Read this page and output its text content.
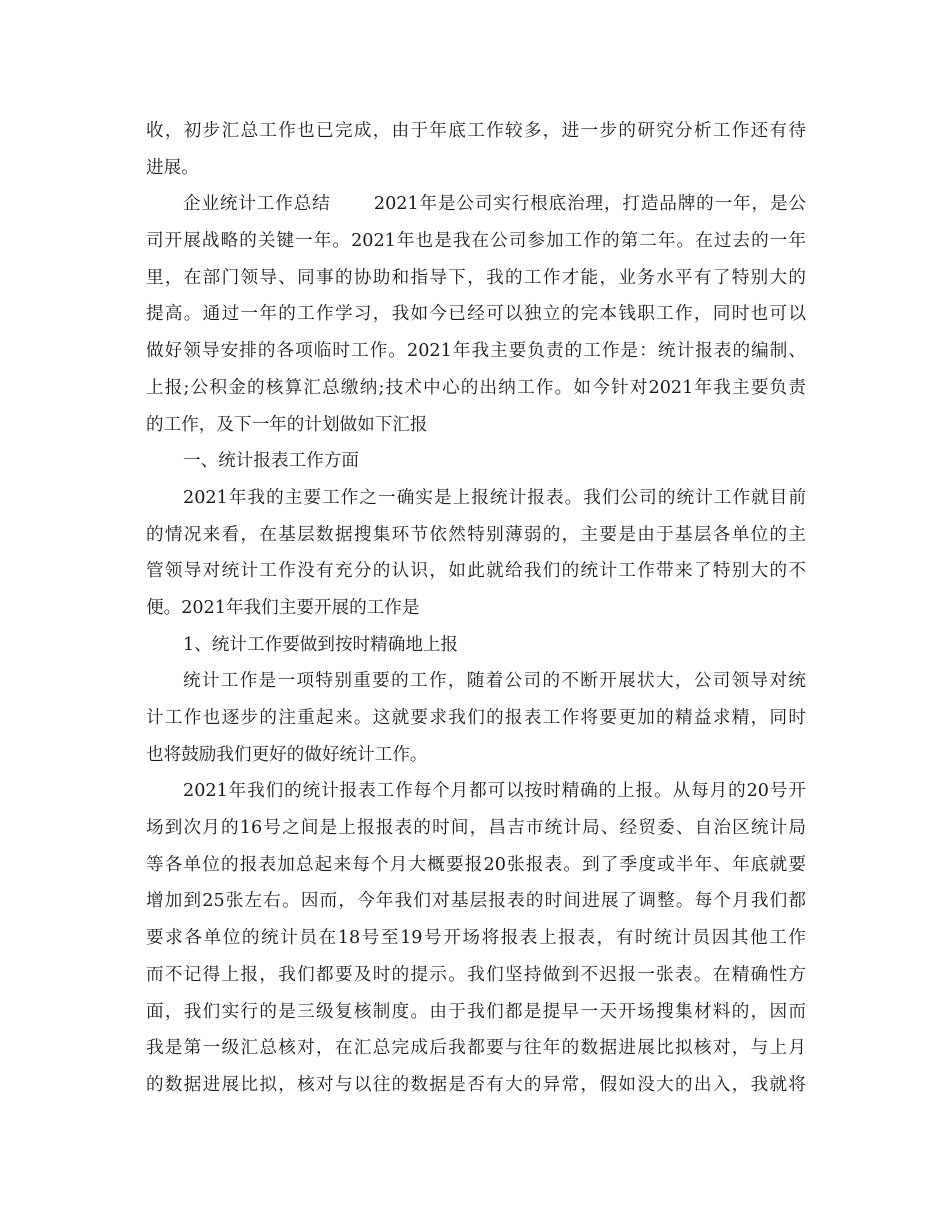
收，初步汇总工作也已完成，由于年底工作较多，进一步的研究分析工作还有待
进展。
企业统计工作总结　　 2021年是公司实行根底治理，打造品牌的一年，是公
司开展战略的关键一年。2021年也是我在公司参加工作的第二年。在过去的一年
里，在部门领导、同事的协助和指导下，我的工作才能，业务水平有了特别大的
提高。通过一年的工作学习，我如今已经可以独立的完本钱职工作，同时也可以
做好领导安排的各项临时工作。2021年我主要负责的工作是：统计报表的编制、
上报;公积金的核算汇总缴纳;技术中心的出纳工作。如今针对2021年我主要负责
的工作，及下一年的计划做如下汇报
一、统计报表工作方面
2021年我的主要工作之一确实是上报统计报表。我们公司的统计工作就目前
的情况来看，在基层数据搜集环节依然特别薄弱的，主要是由于基层各单位的主
管领导对统计工作没有充分的认识，如此就给我们的统计工作带来了特别大的不
便。2021年我们主要开展的工作是
1、统计工作要做到按时精确地上报
统计工作是一项特别重要的工作，随着公司的不断开展状大，公司领导对统
计工作也逐步的注重起来。这就要求我们的报表工作将要更加的精益求精，同时
也将鼓励我们更好的做好统计工作。
2021年我们的统计报表工作每个月都可以按时精确的上报。从每月的20号开
场到次月的16号之间是上报报表的时间，昌吉市统计局、经贸委、自治区统计局
等各单位的报表加总起来每个月大概要报20张报表。到了季度或半年、年底就要
增加到25张左右。因而，今年我们对基层报表的时间进展了调整。每个月我们都
要求各单位的统计员在18号至19号开场将报表上报表，有时统计员因其他工作
而不记得上报，我们都要及时的提示。我们坚持做到不迟报一张表。在精确性方
面，我们实行的是三级复核制度。由于我们都是提早一天开场搜集材料的，因而
我是第一级汇总核对，在汇总完成后我都要与往年的数据进展比拟核对，与上月
的数据进展比拟，核对与以往的数据是否有大的异常，假如没大的出入，我就将
